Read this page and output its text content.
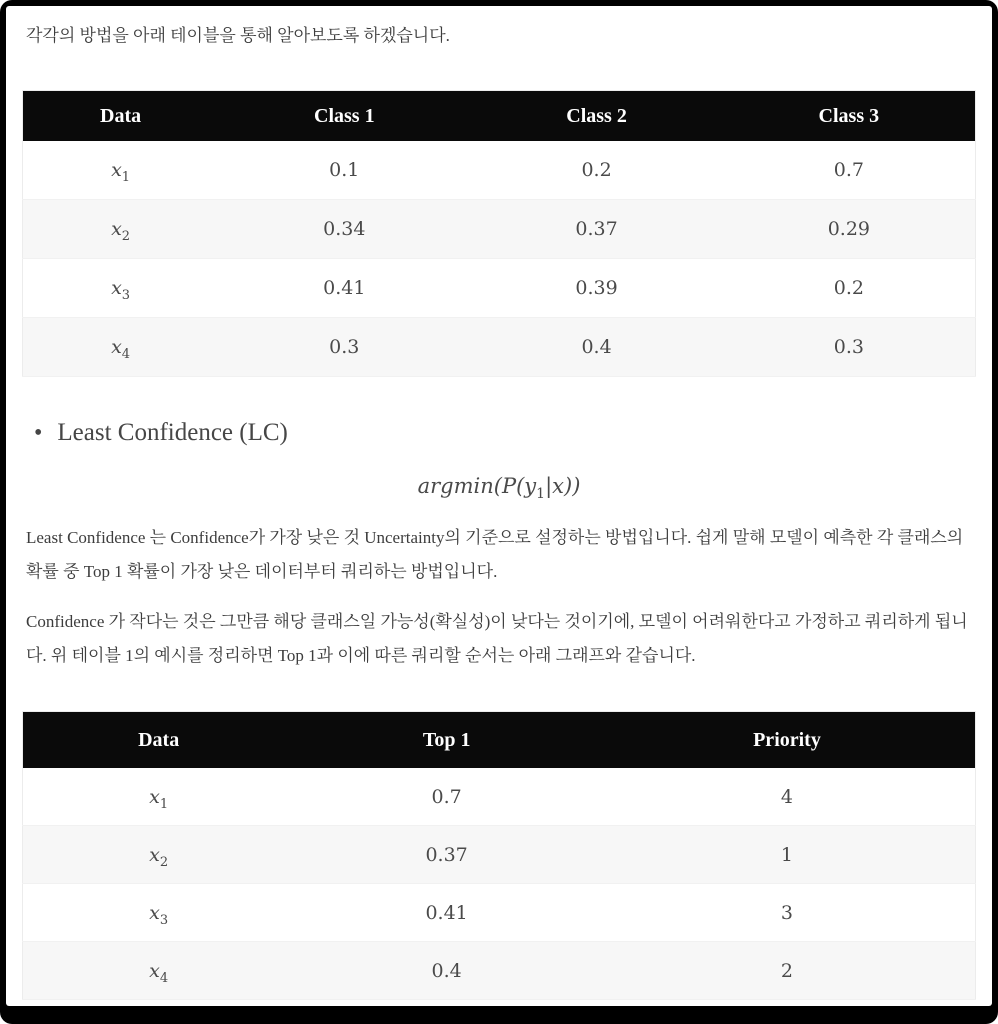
각각의 방법을 아래 테이블을 통해 알아보도록 하겠습니다.

Data	Class 1	Class 2	Class 3
$x_1$	0.1	0.2	0.7
$x_2$	0.34	0.37	0.29
$x_3$	0.41	0.39	0.2
$x_4$	0.3	0.4	0.3
• Least Confidence (LC)
$argmin(P(y_1|x))$

Least Confidence 는 Confidence가 가장 낮은 것 Uncertainty의 기준으로 설정하는 방법입니다. 쉽게 말해 모델이 예측한 각 클래스의 확률 중 Top 1 확률이 가장 낮은 데이터부터 쿼리하는 방법입니다.

Confidence 가 작다는 것은 그만큼 해당 클래스일 가능성(확실성)이 낮다는 것이기에, 모델이 어려워한다고 가정하고 쿼리하게 됩니다. 위 테이블 1의 예시를 정리하면 Top 1과 이에 따른 쿼리할 순서는 아래 그래프와 같습니다.

Data	Top 1	Priority
$x_1$	0.7	4
$x_2$	0.37	1
$x_3$	0.41	3
$x_4$	0.4	2
